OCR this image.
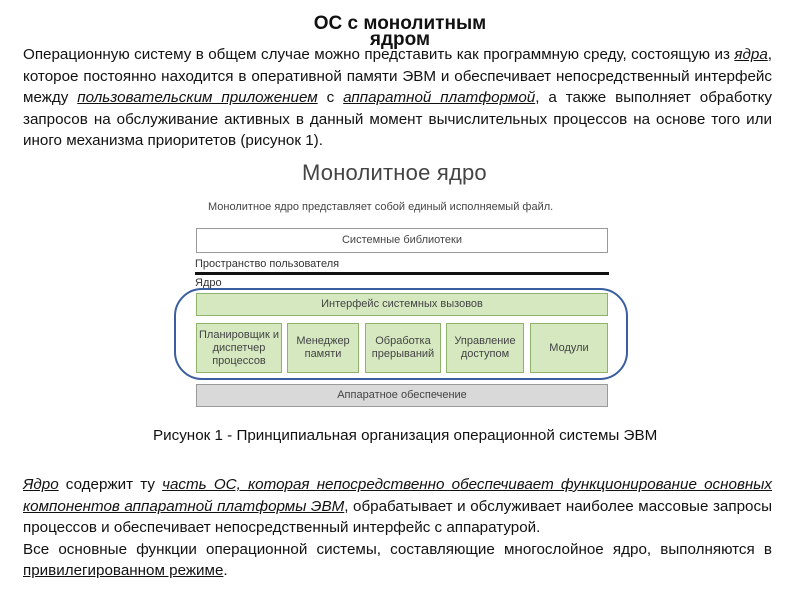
ОС с монолитным
ядром

Операционную систему в общем случае можно представить как программную среду, состоящую из ядра, которое постоянно находится в оперативной памяти ЭВМ и обеспечивает непосредственный интерфейс между пользовательским приложением с аппаратной платформой, а также выполняет обработку запросов на обслуживание активных в данный момент вычислительных процессов на основе того или иного механизма приоритетов (рисунок 1).

Монолитное ядро
Монолитное ядро представляет собой единый исполняемый файл.
Системные библиотеки
Пространство пользователя
Ядро
Интерфейс системных вызовов
Планировщик и диспетчер процессов
Менеджер памяти
Обработка прерываний
Управление доступом
Модули
Аппаратное обеспечение
Рисунок 1 - Принципиальная организация операционной системы ЭВМ

Ядро содержит ту часть ОС, которая непосредственно обеспечивает функционирование основных компонентов аппаратной платформы ЭВМ, обрабатывает и обслуживает наиболее массовые запросы процессов и обеспечивает непосредственный интерфейс с аппаратурой.
Все основные функции операционной системы, составляющие многослойное ядро, выполняются в привилегированном режиме.
